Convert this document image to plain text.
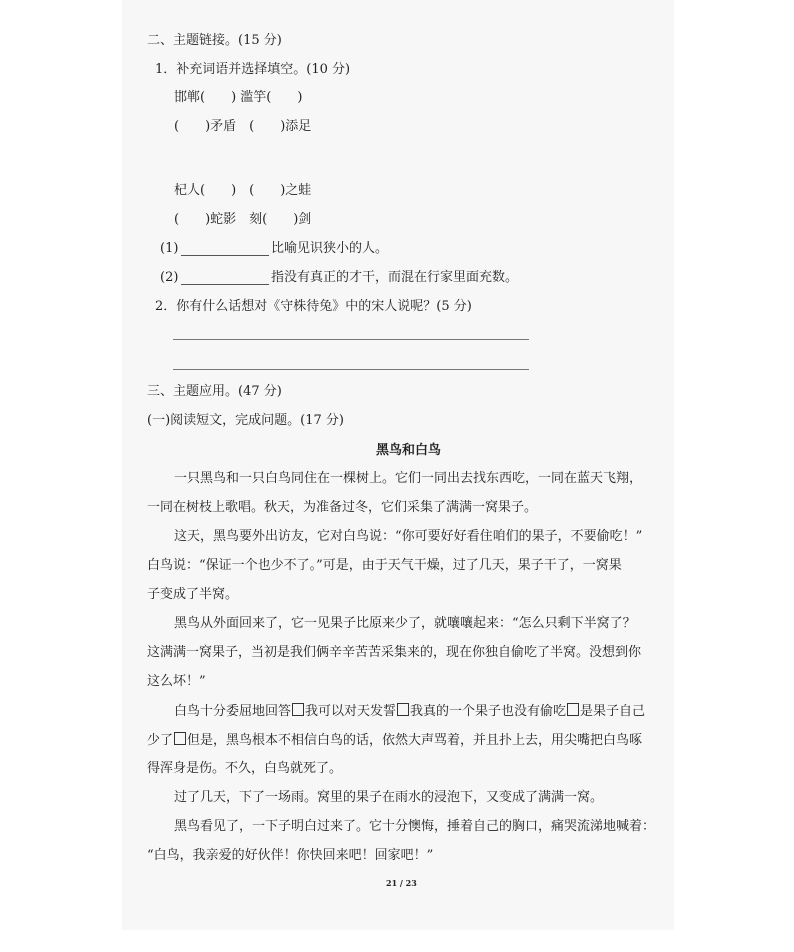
二、主题链接。(15 分)
1．补充词语并选择填空。(10 分)
邯郸(　　) 滥竽(　　)
(　　)矛盾　(　　)添足
杞人(　　)　(　　)之蛙
(　　)蛇影　刻(　　)剑
(1)	比喻见识狭小的人。
(2)	指没有真正的才干，而混在行家里面充数。
2．你有什么话想对《守株待兔》中的宋人说呢？(5 分)
三、主题应用。(47 分)
(一)阅读短文，完成问题。(17 分)
黑鸟和白鸟
一只黑鸟和一只白鸟同住在一棵树上。它们一同出去找东西吃，一同在蓝天飞翔，
一同在树枝上歌唱。秋天，为准备过冬，它们采集了满满一窝果子。
这天，黑鸟要外出访友，它对白鸟说：“你可要好好看住咱们的果子，不要偷吃！”
白鸟说：“保证一个也少不了。”可是，由于天气干燥，过了几天，果子干了，一窝果
子变成了半窝。
黑鸟从外面回来了，它一见果子比原来少了，就嚷嚷起来：“怎么只剩下半窝了？
这满满一窝果子，当初是我们俩辛辛苦苦采集来的，现在你独自偷吃了半窝。没想到你
这么坏！”
白鸟十分委屈地回答 我可以对天发誓 我真的一个果子也没有偷吃 是果子自己
少了 但是，黑鸟根本不相信白鸟的话，依然大声骂着，并且扑上去，用尖嘴把白鸟啄
得浑身是伤。不久，白鸟就死了。
过了几天，下了一场雨。窝里的果子在雨水的浸泡下，又变成了满满一窝。
黑鸟看见了，一下子明白过来了。它十分懊悔，捶着自己的胸口，痛哭流涕地喊着：
“白鸟，我亲爱的好伙伴！你快回来吧！回家吧！”
21 / 23
